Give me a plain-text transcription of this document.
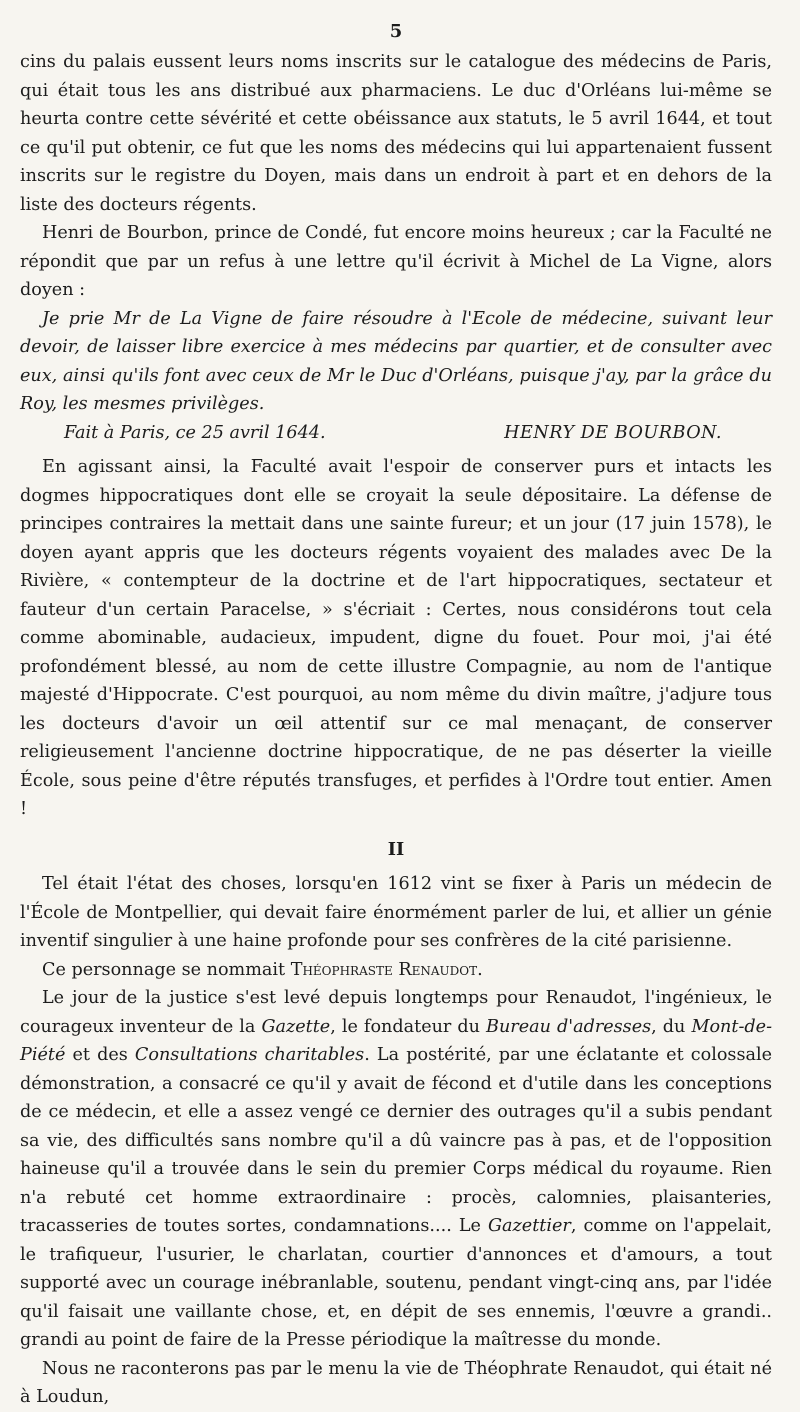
5

cins du palais eussent leurs noms inscrits sur le catalogue des médecins de Paris, qui était tous les ans distribué aux pharmaciens. Le duc d'Orléans lui-même se heurta contre cette sévérité et cette obéissance aux statuts, le 5 avril 1644, et tout ce qu'il put obtenir, ce fut que les noms des médecins qui lui appartenaient fussent inscrits sur le registre du Doyen, mais dans un endroit à part et en dehors de la liste des docteurs régents.

Henri de Bourbon, prince de Condé, fut encore moins heureux ; car la Faculté ne répondit que par un refus à une lettre qu'il écrivit à Michel de La Vigne, alors doyen :

Je prie Mr de La Vigne de faire résoudre à l'Ecole de médecine, suivant leur devoir, de laisser libre exercice à mes médecins par quartier, et de consulter avec eux, ainsi qu'ils font avec ceux de Mr le Duc d'Orléans, puisque j'ay, par la grâce du Roy, les mesmes privilèges.

Fait à Paris, ce 25 avril 1644.	HENRY DE BOURBON.

En agissant ainsi, la Faculté avait l'espoir de conserver purs et intacts les dogmes hippocratiques dont elle se croyait la seule dépositaire. La défense de principes contraires la mettait dans une sainte fureur; et un jour (17 juin 1578), le doyen ayant appris que les docteurs régents voyaient des malades avec De la Rivière, « contempteur de la doctrine et de l'art hippocratiques, sectateur et fauteur d'un certain Paracelse, » s'écriait : Certes, nous considérons tout cela comme abominable, audacieux, impudent, digne du fouet. Pour moi, j'ai été profondément blessé, au nom de cette illustre Compagnie, au nom de l'antique majesté d'Hippocrate. C'est pourquoi, au nom même du divin maître, j'adjure tous les docteurs d'avoir un œil attentif sur ce mal menaçant, de conserver religieusement l'ancienne doctrine hippocratique, de ne pas déserter la vieille École, sous peine d'être réputés transfuges, et perfides à l'Ordre tout entier. Amen !

II

Tel était l'état des choses, lorsqu'en 1612 vint se fixer à Paris un médecin de l'École de Montpellier, qui devait faire énormément parler de lui, et allier un génie inventif singulier à une haine profonde pour ses confrères de la cité parisienne.

Ce personnage se nommait Théophraste Renaudot.

Le jour de la justice s'est levé depuis longtemps pour Renaudot, l'ingénieux, le courageux inventeur de la Gazette, le fondateur du Bureau d'adresses, du Mont-de-Piété et des Consultations charitables. La postérité, par une éclatante et colossale démonstration, a consacré ce qu'il y avait de fécond et d'utile dans les conceptions de ce médecin, et elle a assez vengé ce dernier des outrages qu'il a subis pendant sa vie, des difficultés sans nombre qu'il a dû vaincre pas à pas, et de l'opposition haineuse qu'il a trouvée dans le sein du premier Corps médical du royaume. Rien n'a rebuté cet homme extraordinaire : procès, calomnies, plaisanteries, tracasseries de toutes sortes, condamnations.... Le Gazettier, comme on l'appelait, le trafiqueur, l'usurier, le charlatan, courtier d'annonces et d'amours, a tout supporté avec un courage inébranlable, soutenu, pendant vingt-cinq ans, par l'idée qu'il faisait une vaillante chose, et, en dépit de ses ennemis, l'œuvre a grandi.. grandi au point de faire de la Presse périodique la maîtresse du monde.

Nous ne raconterons pas par le menu la vie de Théophrate Renaudot, qui était né à Loudun,
